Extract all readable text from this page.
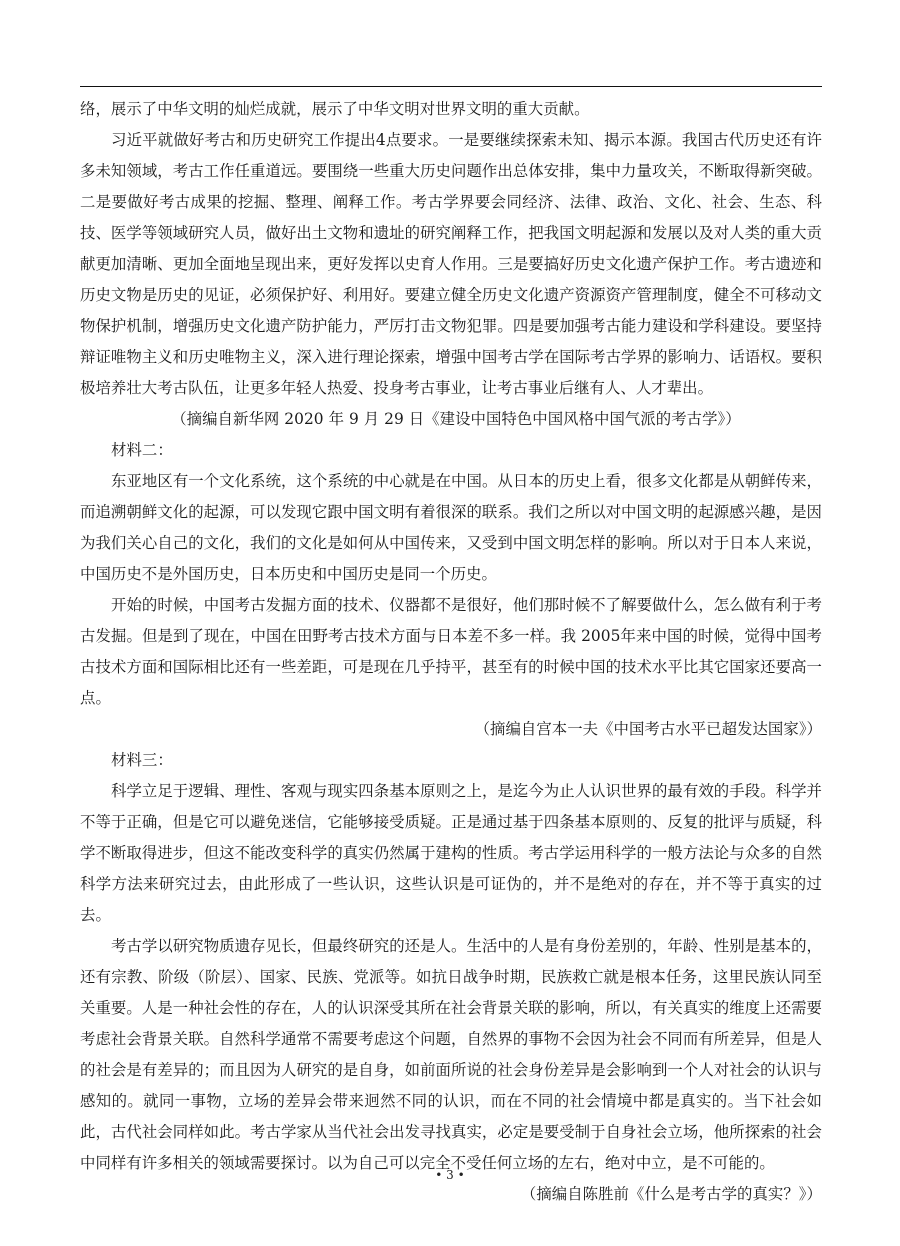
络，展示了中华文明的灿烂成就，展示了中华文明对世界文明的重大贡献。

习近平就做好考古和历史研究工作提出4点要求。一是要继续探索未知、揭示本源。我国古代历史还有许多未知领域，考古工作任重道远。要围绕一些重大历史问题作出总体安排，集中力量攻关，不断取得新突破。二是要做好考古成果的挖掘、整理、阐释工作。考古学界要会同经济、法律、政治、文化、社会、生态、科技、医学等领域研究人员，做好出土文物和遗址的研究阐释工作，把我国文明起源和发展以及对人类的重大贡献更加清晰、更加全面地呈现出来，更好发挥以史育人作用。三是要搞好历史文化遗产保护工作。考古遗迹和历史文物是历史的见证，必须保护好、利用好。要建立健全历史文化遗产资源资产管理制度，健全不可移动文物保护机制，增强历史文化遗产防护能力，严厉打击文物犯罪。四是要加强考古能力建设和学科建设。要坚持辩证唯物主义和历史唯物主义，深入进行理论探索，增强中国考古学在国际考古学界的影响力、话语权。要积极培养壮大考古队伍，让更多年轻人热爱、投身考古事业，让考古事业后继有人、人才辈出。

（摘编自新华网 2020 年 9 月 29 日《建设中国特色中国风格中国气派的考古学》）

材料二：

东亚地区有一个文化系统，这个系统的中心就是在中国。从日本的历史上看，很多文化都是从朝鲜传来，而追溯朝鲜文化的起源，可以发现它跟中国文明有着很深的联系。我们之所以对中国文明的起源感兴趣，是因为我们关心自己的文化，我们的文化是如何从中国传来，又受到中国文明怎样的影响。所以对于日本人来说，中国历史不是外国历史，日本历史和中国历史是同一个历史。

开始的时候，中国考古发掘方面的技术、仪器都不是很好，他们那时候不了解要做什么，怎么做有利于考古发掘。但是到了现在，中国在田野考古技术方面与日本差不多一样。我 2005年来中国的时候，觉得中国考古技术方面和国际相比还有一些差距，可是现在几乎持平，甚至有的时候中国的技术水平比其它国家还要高一点。

（摘编自宫本一夫《中国考古水平已超发达国家》）

材料三：

科学立足于逻辑、理性、客观与现实四条基本原则之上，是迄今为止人认识世界的最有效的手段。科学并不等于正确，但是它可以避免迷信，它能够接受质疑。正是通过基于四条基本原则的、反复的批评与质疑，科学不断取得进步，但这不能改变科学的真实仍然属于建构的性质。考古学运用科学的一般方法论与众多的自然科学方法来研究过去，由此形成了一些认识，这些认识是可证伪的，并不是绝对的存在，并不等于真实的过去。

考古学以研究物质遗存见长，但最终研究的还是人。生活中的人是有身份差别的，年龄、性别是基本的，还有宗教、阶级（阶层）、国家、民族、党派等。如抗日战争时期，民族救亡就是根本任务，这里民族认同至关重要。人是一种社会性的存在，人的认识深受其所在社会背景关联的影响，所以，有关真实的维度上还需要考虑社会背景关联。自然科学通常不需要考虑这个问题，自然界的事物不会因为社会不同而有所差异，但是人的社会是有差异的；而且因为人研究的是自身，如前面所说的社会身份差异是会影响到一个人对社会的认识与感知的。就同一事物，立场的差异会带来迥然不同的认识，而在不同的社会情境中都是真实的。当下社会如此，古代社会同样如此。考古学家从当代社会出发寻找真实，必定是要受制于自身社会立场，他所探索的社会中同样有许多相关的领域需要探讨。以为自己可以完全不受任何立场的左右，绝对中立，是不可能的。

（摘编自陈胜前《什么是考古学的真实？》）

• 3 •
